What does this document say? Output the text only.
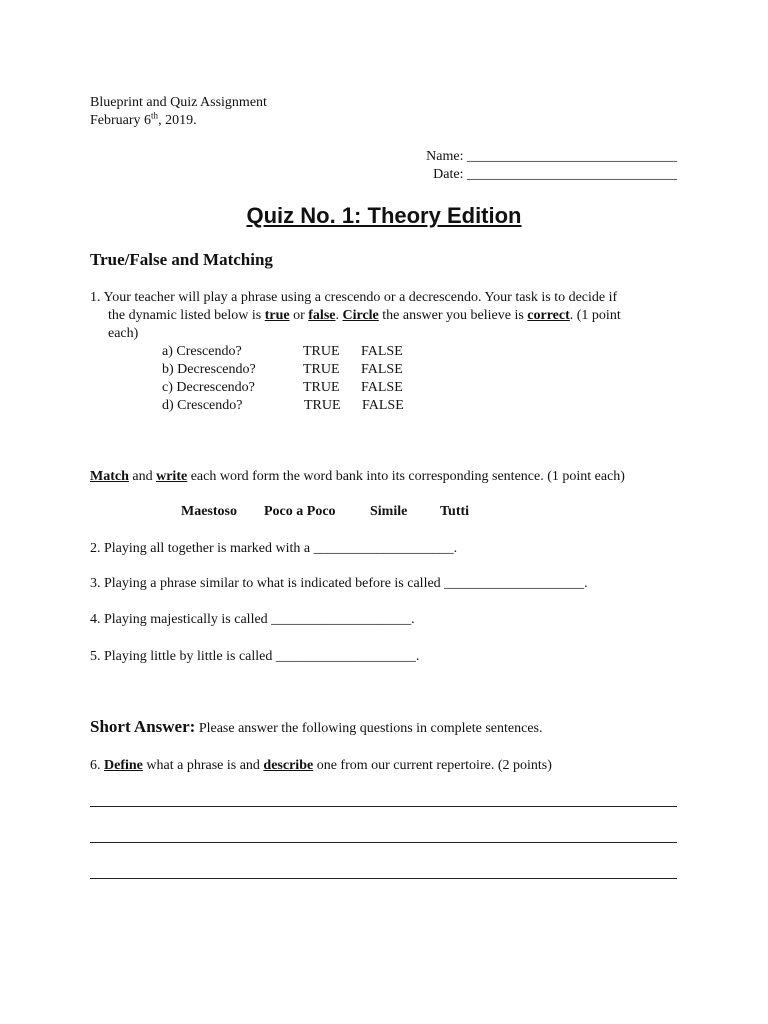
Blueprint and Quiz Assignment
February 6th, 2019.
Name: ______________________________
Date: ______________________________
Quiz No. 1: Theory Edition
True/False and Matching
1. Your teacher will play a phrase using a crescendo or a decrescendo. Your task is to decide if
the dynamic listed below is true or false. Circle the answer you believe is correct. (1 point
each)
a) Crescendo?	TRUE FALSE
b) Decrescendo?	TRUE FALSE
c) Decrescendo?	TRUE FALSE
d) Crescendo?	TRUE FALSE
Match and write each word form the word bank into its corresponding sentence. (1 point each)
Maestoso Poco a Poco Simile Tutti
2. Playing all together is marked with a ____________________.
3. Playing a phrase similar to what is indicated before is called ____________________.
4. Playing majestically is called ____________________.
5. Playing little by little is called ____________________.
Short Answer: Please answer the following questions in complete sentences.
6. Define what a phrase is and describe one from our current repertoire. (2 points)
